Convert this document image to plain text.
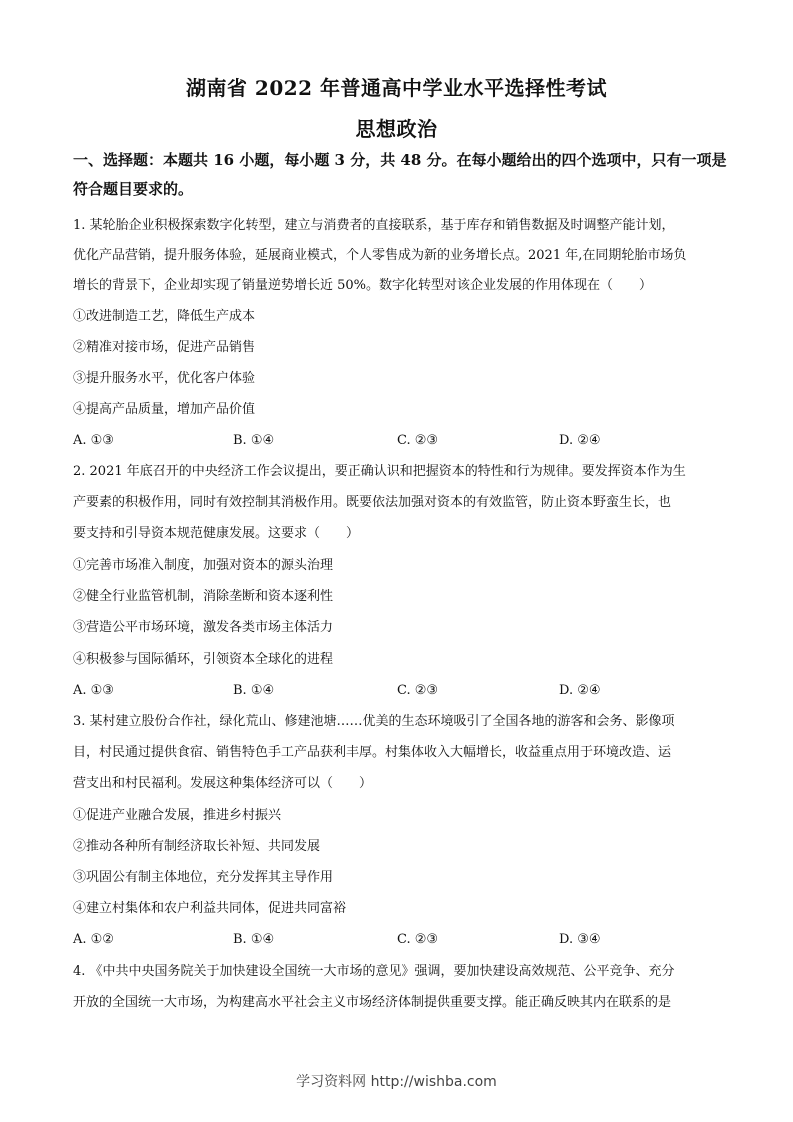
湖南省 2022 年普通高中学业水平选择性考试
思想政治
一、选择题：本题共 16 小题，每小题 3 分，共 48 分。在每小题给出的四个选项中，只有一项是符合题目要求的。
1. 某轮胎企业积极探索数字化转型，建立与消费者的直接联系，基于库存和销售数据及时调整产能计划，
优化产品营销，提升服务体验，延展商业模式，个人零售成为新的业务增长点。2021 年,在同期轮胎市场负
增长的背景下，企业却实现了销量逆势增长近 50%。数字化转型对该企业发展的作用体现在（　　）
①改进制造工艺，降低生产成本
②精准对接市场，促进产品销售
③提升服务水平，优化客户体验
④提高产品质量，增加产品价值
A. ①③	B. ①④	C. ②③	D. ②④
2. 2021 年底召开的中央经济工作会议提出，要正确认识和把握资本的特性和行为规律。要发挥资本作为生
产要素的积极作用，同时有效控制其消极作用。既要依法加强对资本的有效监管，防止资本野蛮生长，也
要支持和引导资本规范健康发展。这要求（　　）
①完善市场准入制度，加强对资本的源头治理
②健全行业监管机制，消除垄断和资本逐利性
③营造公平市场环境，激发各类市场主体活力
④积极参与国际循环，引领资本全球化的进程
A. ①③	B. ①④	C. ②③	D. ②④
3. 某村建立股份合作社，绿化荒山、修建池塘……优美的生态环境吸引了全国各地的游客和会务、影像项
目，村民通过提供食宿、销售特色手工产品获利丰厚。村集体收入大幅增长，收益重点用于环境改造、运
营支出和村民福利。发展这种集体经济可以（　　）
①促进产业融合发展，推进乡村振兴
②推动各种所有制经济取长补短、共同发展
③巩固公有制主体地位，充分发挥其主导作用
④建立村集体和农户利益共同体，促进共同富裕
A. ①②	B. ①④	C. ②③	D. ③④
4. 《中共中央国务院关于加快建设全国统一大市场的意见》强调，要加快建设高效规范、公平竞争、充分
开放的全国统一大市场，为构建高水平社会主义市场经济体制提供重要支撑。能正确反映其内在联系的是
学习资料网 http://wishba.com
